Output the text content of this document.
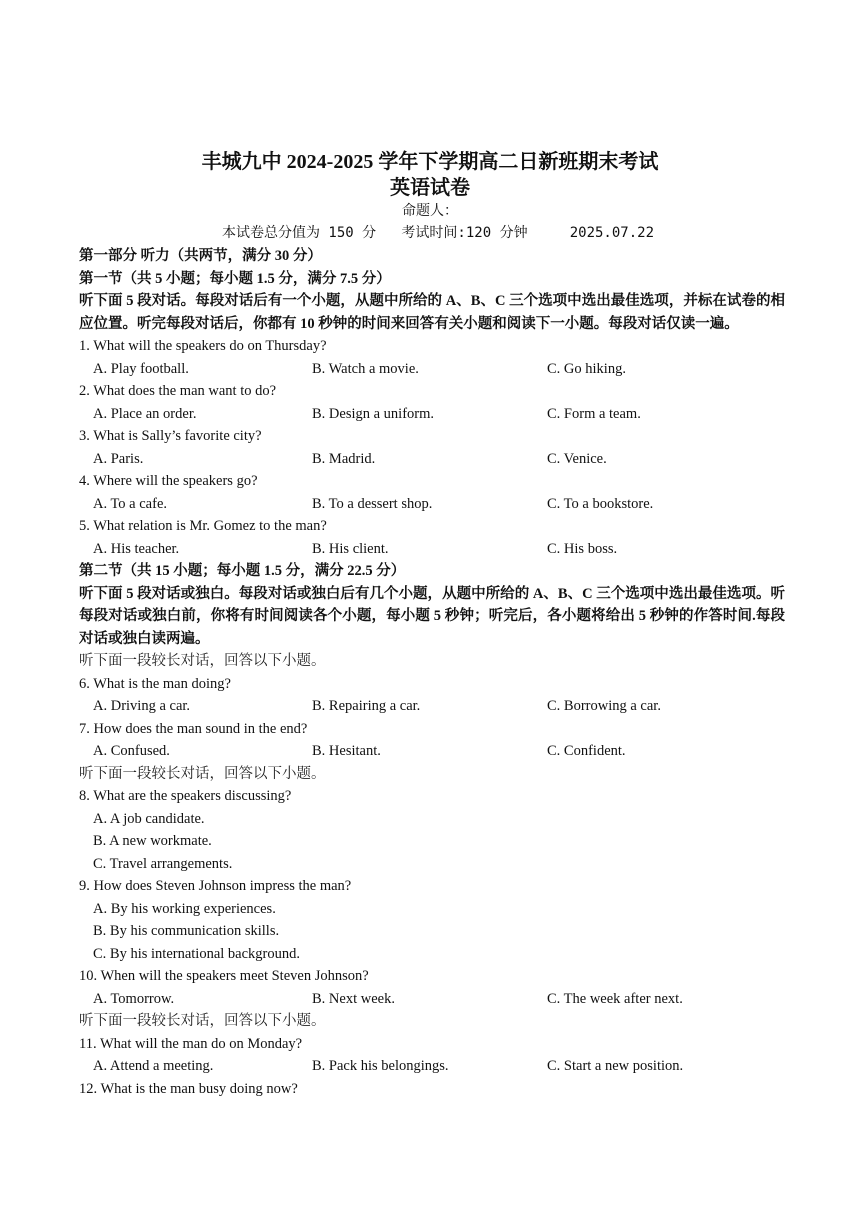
丰城九中 2024-2025 学年下学期高二日新班期末考试
英语试卷
命题人：
本试卷总分值为 150 分   考试时间:120 分钟     2025.07.22
第一部分 听力（共两节，满分 30 分）
第一节（共 5 小题；每小题 1.5 分，满分 7.5 分）
听下面 5 段对话。每段对话后有一个小题，从题中所给的 A、B、C 三个选项中选出最佳选项，并标在试卷的相应位置。听完每段对话后，你都有 10 秒钟的时间来回答有关小题和阅读下一小题。每段对话仅读一遍。
1. What will the speakers do on Thursday?
A. Play football.	B. Watch a movie.	C. Go hiking.
2. What does the man want to do?
A. Place an order.	B. Design a uniform.	C. Form a team.
3. What is Sally’s favorite city?
A. Paris.	B. Madrid.	C. Venice.
4. Where will the speakers go?
A. To a cafe.	B. To a dessert shop.	C. To a bookstore.
5. What relation is Mr. Gomez to the man?
A. His teacher.	B. His client.	C. His boss.
第二节（共 15 小题；每小题 1.5 分，满分 22.5 分）
听下面 5 段对话或独白。每段对话或独白后有几个小题，从题中所给的 A、B、C 三个选项中选出最佳选项。听每段对话或独白前，你将有时间阅读各个小题，每小题 5 秒钟；听完后，各小题将给出 5 秒钟的作答时间.每段对话或独白读两遍。
听下面一段较长对话，回答以下小题。
6. What is the man doing?
A. Driving a car.	B. Repairing a car.	C. Borrowing a car.
7. How does the man sound in the end?
A. Confused.	B. Hesitant.	C. Confident.
听下面一段较长对话，回答以下小题。
8. What are the speakers discussing?
A. A job candidate.
B. A new workmate.
C. Travel arrangements.
9. How does Steven Johnson impress the man?
A. By his working experiences.
B. By his communication skills.
C. By his international background.
10. When will the speakers meet Steven Johnson?
A. Tomorrow.	B. Next week.	C. The week after next.
听下面一段较长对话，回答以下小题。
11. What will the man do on Monday?
A. Attend a meeting.	B. Pack his belongings.	C. Start a new position.
12. What is the man busy doing now?
